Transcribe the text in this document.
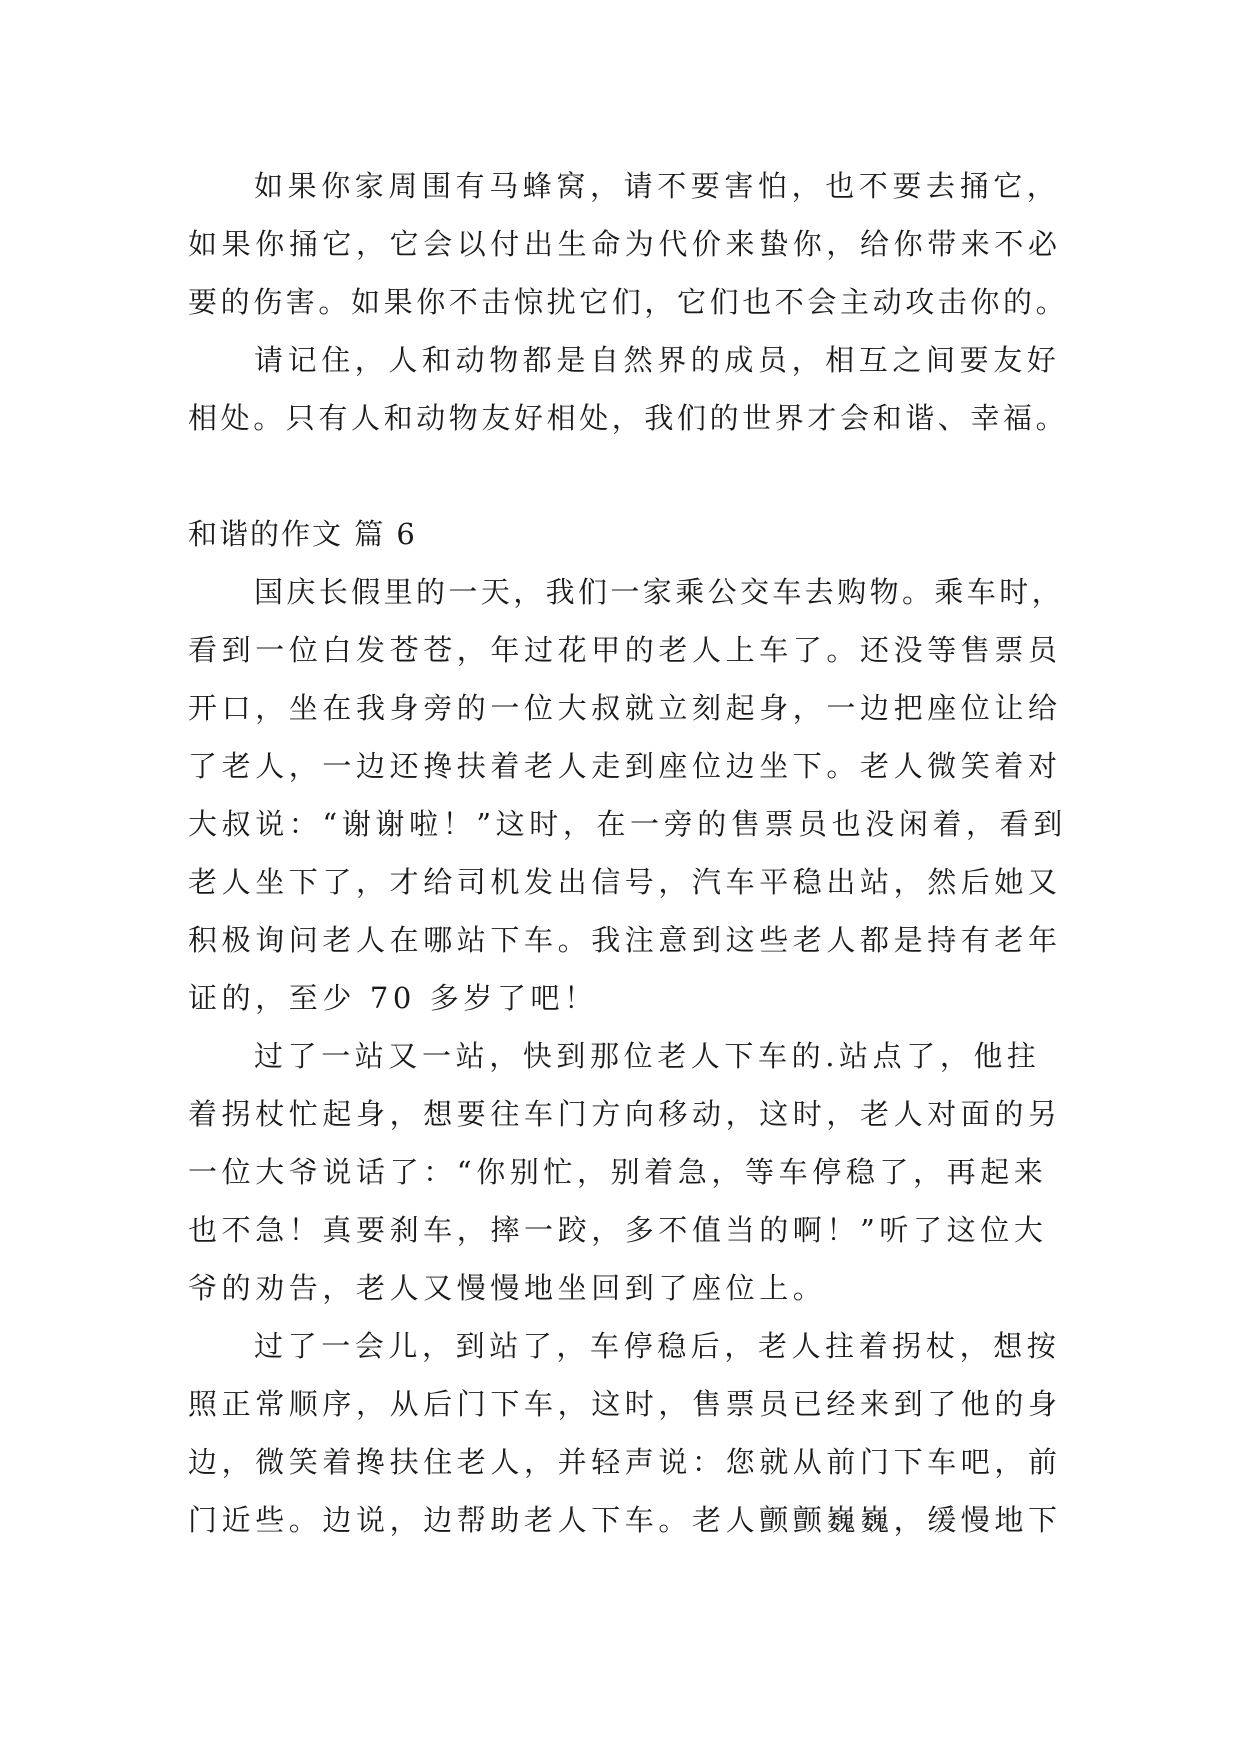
如果你家周围有马蜂窝，请不要害怕，也不要去捅它，
如果你捅它，它会以付出生命为代价来蛰你，给你带来不必
要的伤害。如果你不击惊扰它们，它们也不会主动攻击你的。
请记住，人和动物都是自然界的成员，相互之间要友好
相处。只有人和动物友好相处，我们的世界才会和谐、幸福。
和谐的作文 篇 6
国庆长假里的一天，我们一家乘公交车去购物。乘车时，
看到一位白发苍苍，年过花甲的老人上车了。还没等售票员
开口，坐在我身旁的一位大叔就立刻起身，一边把座位让给
了老人，一边还搀扶着老人走到座位边坐下。老人微笑着对
大叔说：“谢谢啦！”这时，在一旁的售票员也没闲着，看到
老人坐下了，才给司机发出信号，汽车平稳出站，然后她又
积极询问老人在哪站下车。我注意到这些老人都是持有老年
证的，至少 70 多岁了吧！
过了一站又一站，快到那位老人下车的.站点了，他拄
着拐杖忙起身，想要往车门方向移动，这时，老人对面的另
一位大爷说话了：“你别忙，别着急，等车停稳了，再起来
也不急！真要刹车，摔一跤，多不值当的啊！”听了这位大
爷的劝告，老人又慢慢地坐回到了座位上。
过了一会儿，到站了，车停稳后，老人拄着拐杖，想按
照正常顺序，从后门下车，这时，售票员已经来到了他的身
边，微笑着搀扶住老人，并轻声说：您就从前门下车吧，前
门近些。边说，边帮助老人下车。老人颤颤巍巍，缓慢地下
